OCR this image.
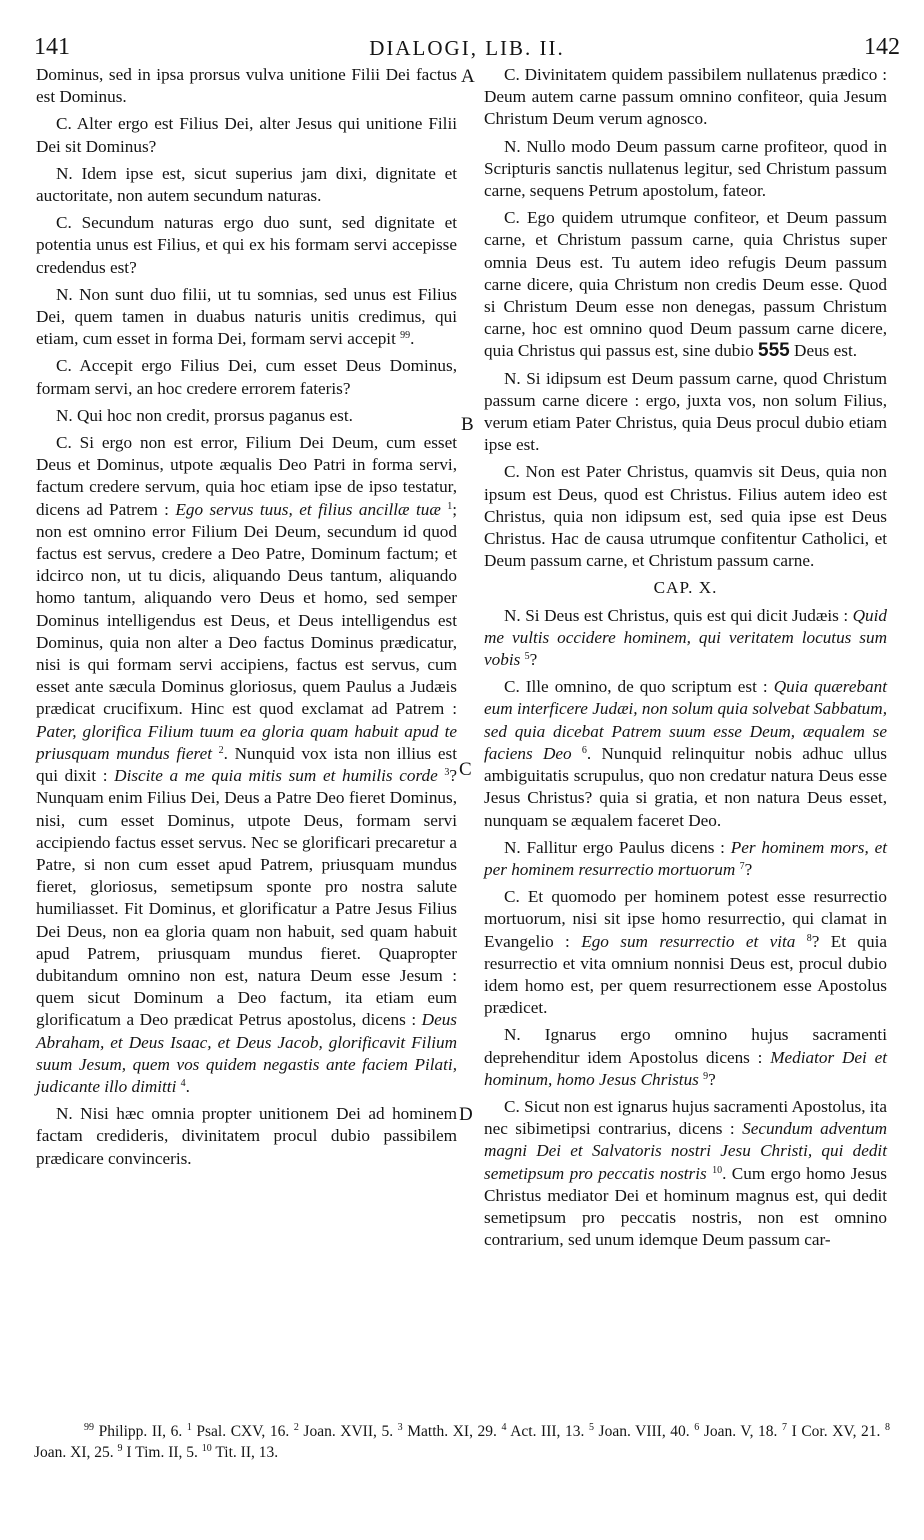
141	DIALOGI, LIB. II.	142

Dominus, sed in ipsa prorsus vulva unitione Filii Dei factus est Dominus.

C. Alter ergo est Filius Dei, alter Jesus qui unitione Filii Dei sit Dominus?

N. Idem ipse est, sicut superius jam dixi, dignitate et auctoritate, non autem secundum naturas.

C. Secundum naturas ergo duo sunt, sed dignitate et potentia unus est Filius, et qui ex his formam servi accepisse credendus est?

N. Non sunt duo filii, ut tu somnias, sed unus est Filius Dei, quem tamen in duabus naturis unitis credimus, qui etiam, cum esset in forma Dei, formam servi accepit $^{99}$.

C. Accepit ergo Filius Dei, cum esset Deus Dominus, formam servi, an hoc credere errorem fateris?

N. Qui hoc non credit, prorsus paganus est.

C. Si ergo non est error, Filium Dei Deum, cum esset Deus et Dominus, utpote æqualis Deo Patri in forma servi, factum credere servum, quia hoc etiam ipse de ipso testatur, dicens ad Patrem : Ego servus tuus, et filius ancillæ tuæ $^1$; non est omnino error Filium Dei Deum, secundum id quod factus est servus, credere a Deo Patre, Dominum factum; et idcirco non, ut tu dicis, aliquando Deus tantum, aliquando homo tantum, aliquando vero Deus et homo, sed semper Dominus intelligendus est Deus, et Deus intelligendus est Dominus, quia non alter a Deo factus Dominus prædicatur, nisi is qui formam servi accipiens, factus est servus, cum esset ante sæcula Dominus gloriosus, quem Paulus a Judæis prædicat crucifixum. Hinc est quod exclamat ad Patrem : Pater, glorifica Filium tuum ea gloria quam habuit apud te priusquam mundus fieret $^2$. Nunquid vox ista non illius est qui dixit : Discite a me quia mitis sum et humilis corde $^3$? Nunquam enim Filius Dei, Deus a Patre Deo fieret Dominus, nisi, cum esset Dominus, utpote Deus, formam servi accipiendo factus esset servus. Nec se glorificari precaretur a Patre, si non cum esset apud Patrem, priusquam mundus fieret, gloriosus, semetipsum sponte pro nostra salute humiliasset. Fit Dominus, et glorificatur a Patre Jesus Filius Dei Deus, non ea gloria quam non habuit, sed quam habuit apud Patrem, priusquam mundus fieret. Quapropter dubitandum omnino non est, natura Deum esse Jesum : quem sicut Dominum a Deo factum, ita etiam eum glorificatum a Deo prædicat Petrus apostolus, dicens : Deus Abraham, et Deus Isaac, et Deus Jacob, glorificavit Filium suum Jesum, quem vos quidem negastis ante faciem Pilati, judicante illo dimitti $^4$.

N. Nisi hæc omnia propter unitionem Dei ad hominem factam credideris, divinitatem procul dubio passibilem prædicare convinceris.

A
B
C
D

C. Divinitatem quidem passibilem nullatenus prædico : Deum autem carne passum omnino confiteor, quia Jesum Christum Deum verum agnosco.

N. Nullo modo Deum passum carne profiteor, quod in Scripturis sanctis nullatenus legitur, sed Christum passum carne, sequens Petrum apostolum, fateor.

C. Ego quidem utrumque confiteor, et Deum passum carne, et Christum passum carne, quia Christus super omnia Deus est. Tu autem ideo refugis Deum passum carne dicere, quia Christum non credis Deum esse. Quod si Christum Deum esse non denegas, passum Christum carne, hoc est omnino quod Deum passum carne dicere, quia Christus qui passus est, sine dubio 555 Deus est.

N. Si idipsum est Deum passum carne, quod Christum passum carne dicere : ergo, juxta vos, non solum Filius, verum etiam Pater Christus, quia Deus procul dubio etiam ipse est.

C. Non est Pater Christus, quamvis sit Deus, quia non ipsum est Deus, quod est Christus. Filius autem ideo est Christus, quia non idipsum est, sed quia ipse est Deus Christus. Hac de causa utrumque confitentur Catholici, et Deum passum carne, et Christum passum carne.

CAP. X.

N. Si Deus est Christus, quis est qui dicit Judæis : Quid me vultis occidere hominem, qui veritatem locutus sum vobis $^5$?

C. Ille omnino, de quo scriptum est : Quia quærebant eum interficere Judæi, non solum quia solvebat Sabbatum, sed quia dicebat Patrem suum esse Deum, æqualem se faciens Deo $^6$. Nunquid relinquitur nobis adhuc ullus ambiguitatis scrupulus, quo non credatur natura Deus esse Jesus Christus? quia si gratia, et non natura Deus esset, nunquam se æqualem faceret Deo.

N. Fallitur ergo Paulus dicens : Per hominem mors, et per hominem resurrectio mortuorum $^7$?

C. Et quomodo per hominem potest esse resurrectio mortuorum, nisi sit ipse homo resurrectio, qui clamat in Evangelio : Ego sum resurrectio et vita $^8$? Et quia resurrectio et vita omnium nonnisi Deus est, procul dubio idem homo est, per quem resurrectionem esse Apostolus prædicet.

N. Ignarus ergo omnino hujus sacramenti deprehenditur idem Apostolus dicens : Mediator Dei et hominum, homo Jesus Christus $^9$?

C. Sicut non est ignarus hujus sacramenti Apostolus, ita nec sibimetipsi contrarius, dicens : Secundum adventum magni Dei et Salvatoris nostri Jesu Christi, qui dedit semetipsum pro peccatis nostris $^{10}$. Cum ergo homo Jesus Christus mediator Dei et hominum magnus est, qui dedit semetipsum pro peccatis nostris, non est omnino contrarium, sed unum idemque Deum passum car-

$^{99}$ Philipp. II, 6. $^1$ Psal. CXV, 16. $^2$ Joan. XVII, 5. $^3$ Matth. XI, 29. $^4$ Act. III, 13. $^5$ Joan. VIII, 40. $^6$ Joan. V, 18. $^7$ I Cor. XV, 21. $^8$ Joan. XI, 25. $^9$ I Tim. II, 5. $^{10}$ Tit. II, 13.
